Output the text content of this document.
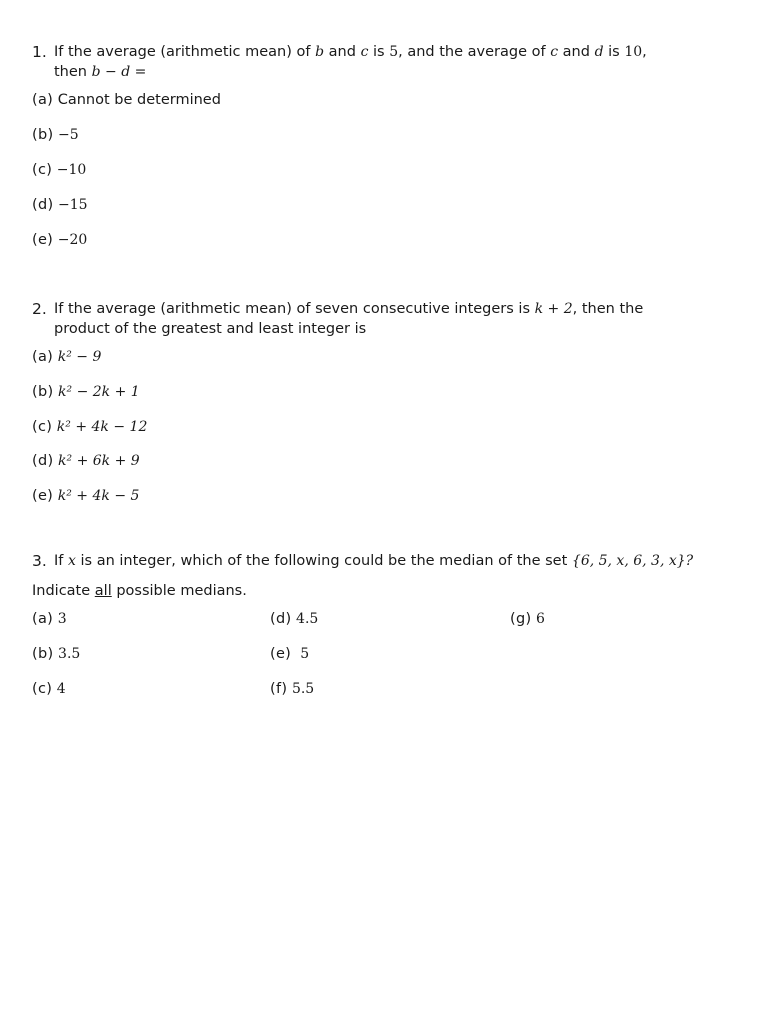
1. If the average (arithmetic mean) of b and c is 5, and the average of c and d is 10,
then b − d =
(a) Cannot be determined
(b) −5
(c) −10
(d) −15
(e) −20
2. If the average (arithmetic mean) of seven consecutive integers is k + 2, then the
product of the greatest and least integer is
(a) k² − 9
(b) k² − 2k + 1
(c) k² + 4k − 12
(d) k² + 6k + 9
(e) k² + 4k − 5
3. If x is an integer, which of the following could be the median of the set {6, 5, x, 6, 3, x}?
Indicate all possible medians.
(a) 3
(b) 3.5
(c) 4
(d) 4.5
(e)  5
(f) 5.5
(g) 6
